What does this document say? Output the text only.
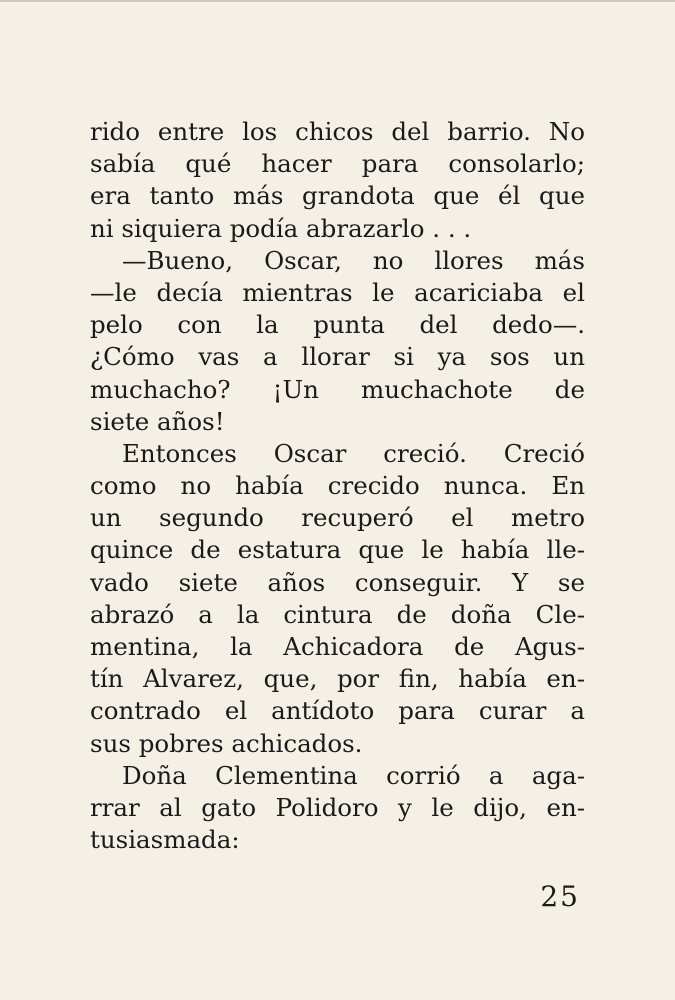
rido entre los chicos del barrio. No
sabía qué hacer para consolarlo;
era tanto más grandota que él que
ni siquiera podía abrazarlo . . .
—Bueno, Oscar, no llores más
—le decía mientras le acariciaba el
pelo con la punta del dedo—.
¿Cómo vas a llorar si ya sos un
muchacho? ¡Un muchachote de
siete años!
Entonces Oscar creció. Creció
como no había crecido nunca. En
un segundo recuperó el metro
quince de estatura que le había lle-
vado siete años conseguir. Y se
abrazó a la cintura de doña Cle-
mentina, la Achicadora de Agus-
tín Alvarez, que, por fin, había en-
contrado el antídoto para curar a
sus pobres achicados.
Doña Clementina corrió a aga-
rrar al gato Polidoro y le dijo, en-
tusiasmada:
25
